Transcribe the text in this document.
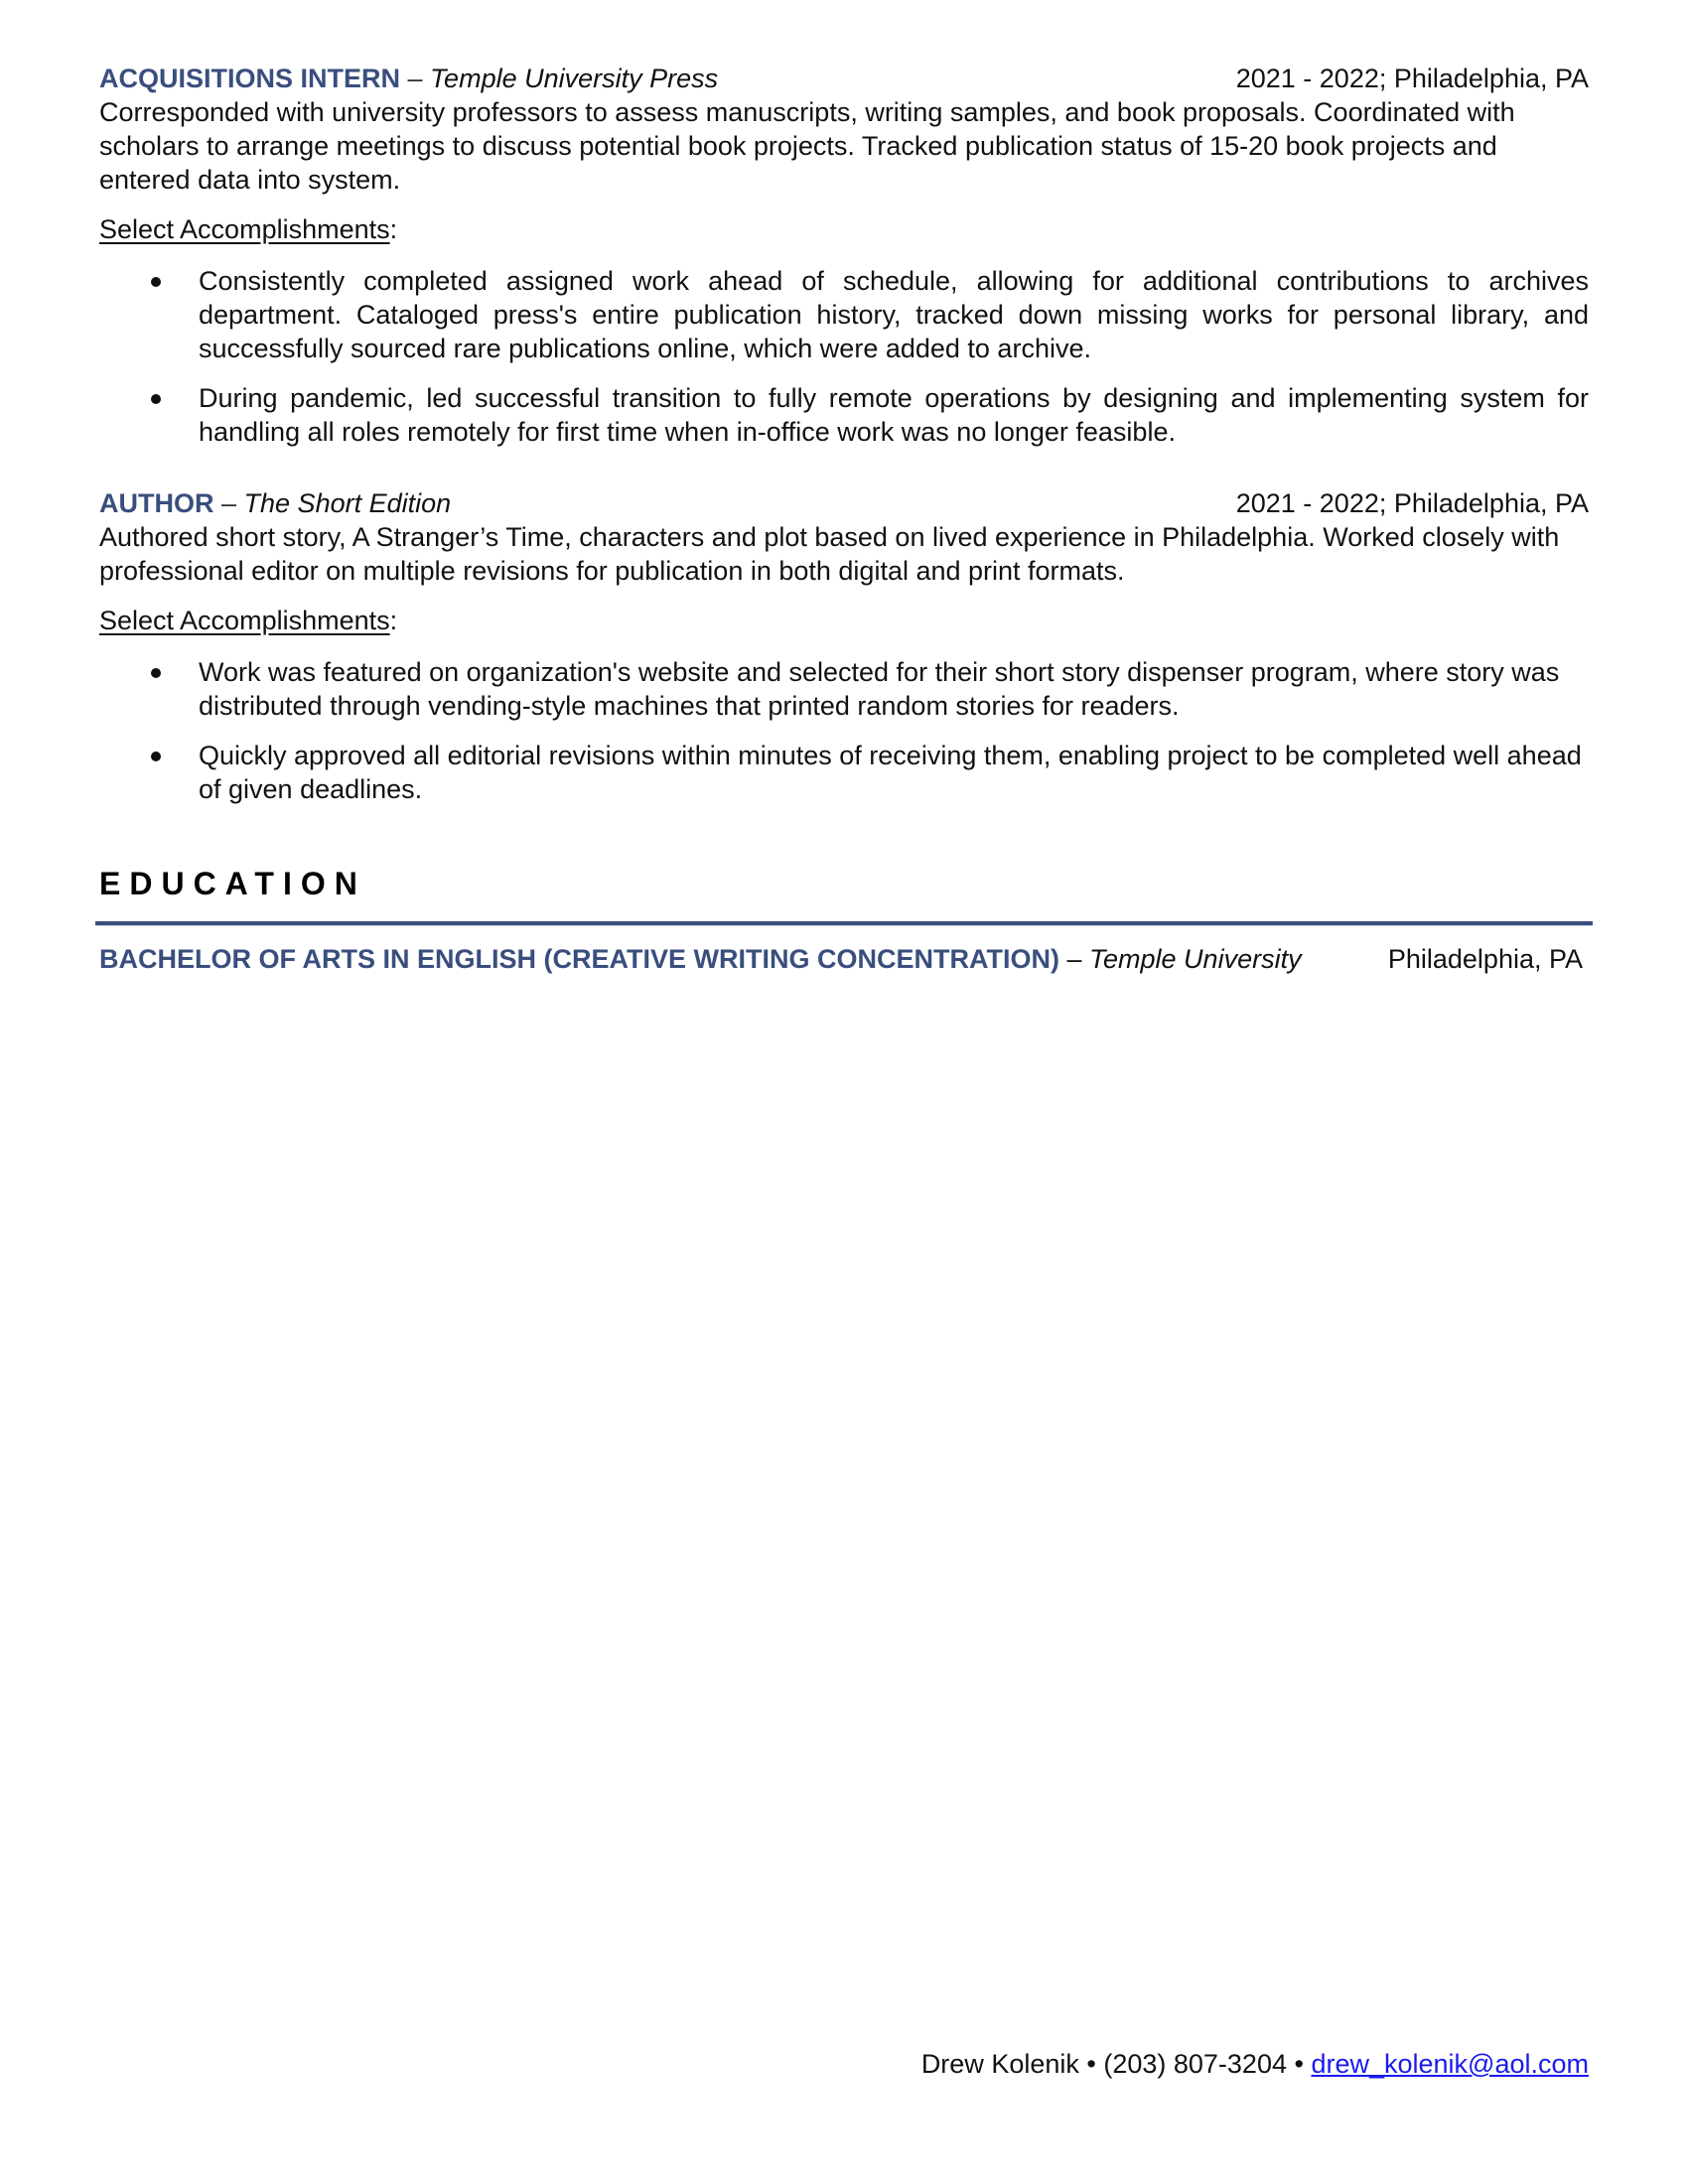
ACQUISITIONS INTERN – Temple University Press	2021 - 2022; Philadelphia, PA

Corresponded with university professors to assess manuscripts, writing samples, and book proposals. Coordinated with scholars to arrange meetings to discuss potential book projects. Tracked publication status of 15-20 book projects and entered data into system.

Select Accomplishments:
Consistently completed assigned work ahead of schedule, allowing for additional contributions to archives department. Cataloged press's entire publication history, tracked down missing works for personal library, and successfully sourced rare publications online, which were added to archive.
During pandemic, led successful transition to fully remote operations by designing and implementing system for handling all roles remotely for first time when in-office work was no longer feasible.
AUTHOR – The Short Edition	2021 - 2022; Philadelphia, PA

Authored short story, A Stranger’s Time, characters and plot based on lived experience in Philadelphia. Worked closely with professional editor on multiple revisions for publication in both digital and print formats.

Select Accomplishments:
Work was featured on organization's website and selected for their short story dispenser program, where story was distributed through vending-style machines that printed random stories for readers.
Quickly approved all editorial revisions within minutes of receiving them, enabling project to be completed well ahead of given deadlines.
EDUCATION
BACHELOR OF ARTS IN ENGLISH (CREATIVE WRITING CONCENTRATION) – Temple University	Philadelphia, PA
Drew Kolenik • (203) 807-3204 • drew_kolenik@aol.com
